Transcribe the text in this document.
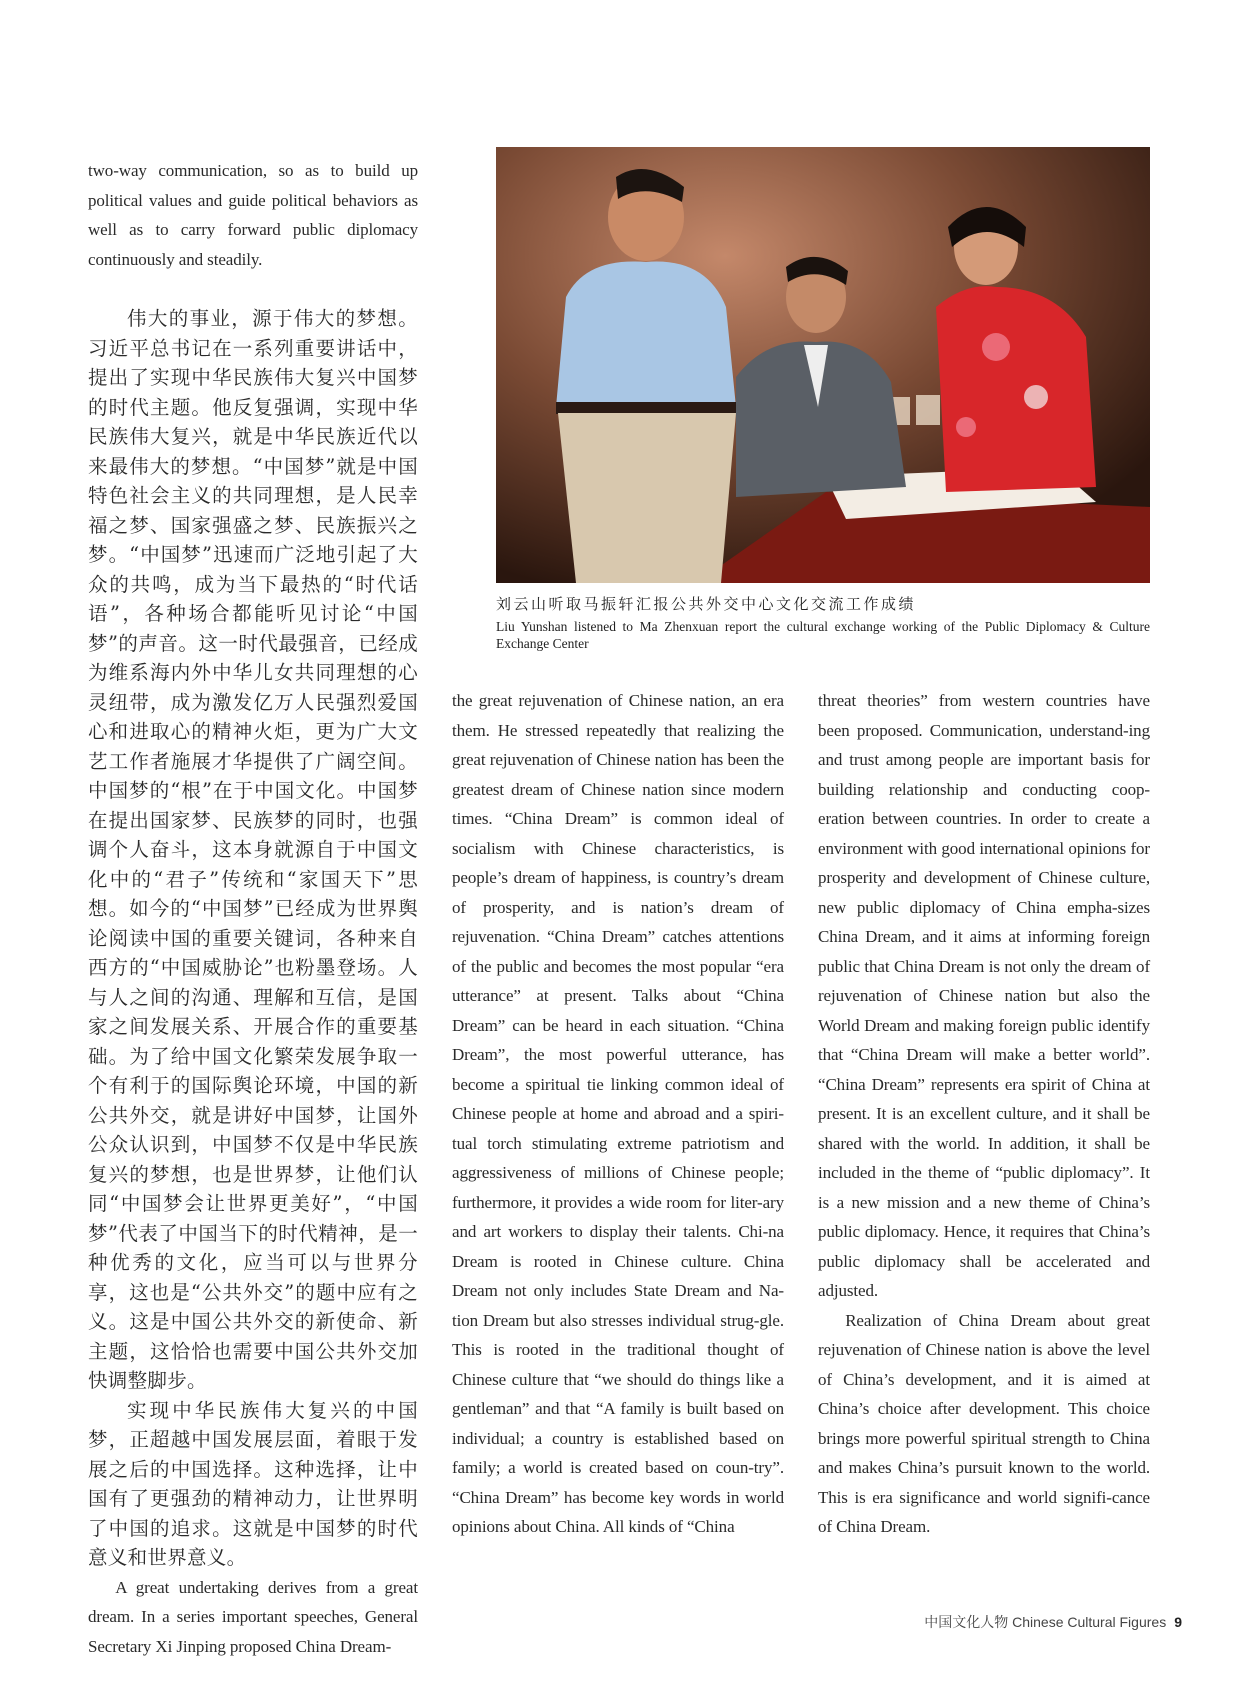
two-way communication, so as to build up political values and guide political behaviors as well as to carry forward public diplomacy continuously and steadily.

伟大的事业，源于伟大的梦想。习近平总书记在一系列重要讲话中，提出了实现中华民族伟大复兴中国梦的时代主题。他反复强调，实现中华民族伟大复兴，就是中华民族近代以来最伟大的梦想。“中国梦”就是中国特色社会主义的共同理想，是人民幸福之梦、国家强盛之梦、民族振兴之梦。“中国梦”迅速而广泛地引起了大众的共鸣，成为当下最热的“时代话语”，各种场合都能听见讨论“中国梦”的声音。这一时代最强音，已经成为维系海内外中华儿女共同理想的心灵纽带，成为激发亿万人民强烈爱国心和进取心的精神火炬，更为广大文艺工作者施展才华提供了广阔空间。中国梦的“根”在于中国文化。中国梦在提出国家梦、民族梦的同时，也强调个人奋斗，这本身就源自于中国文化中的“君子”传统和“家国天下”思想。如今的“中国梦”已经成为世界舆论阅读中国的重要关键词，各种来自西方的“中国威胁论”也粉墨登场。人与人之间的沟通、理解和互信，是国家之间发展关系、开展合作的重要基础。为了给中国文化繁荣发展争取一个有利于的国际舆论环境，中国的新公共外交，就是讲好中国梦，让国外公众认识到，中国梦不仅是中华民族复兴的梦想，也是世界梦，让他们认同“中国梦会让世界更美好”，“中国梦”代表了中国当下的时代精神，是一种优秀的文化，应当可以与世界分享，这也是“公共外交”的题中应有之义。这是中国公共外交的新使命、新主题，这恰恰也需要中国公共外交加快调整脚步。

实现中华民族伟大复兴的中国梦，正超越中国发展层面，着眼于发展之后的中国选择。这种选择，让中国有了更强劲的精神动力，让世界明了中国的追求。这就是中国梦的时代意义和世界意义。

A great undertaking derives from a great dream. In a series important speeches, General Secretary Xi Jinping proposed China Dream-

刘云山听取马振轩汇报公共外交中心文化交流工作成绩
Liu Yunshan listened to Ma Zhenxuan report the cultural exchange working of the Public Diplomacy & Culture Exchange Center

the great rejuvenation of Chinese nation, an era them. He stressed repeatedly that realizing the great rejuvenation of Chinese nation has been the greatest dream of Chinese nation since modern times. “China Dream” is common ideal of socialism with Chinese characteristics, is people’s dream of happiness, is country’s dream of prosperity, and is nation’s dream of rejuvenation. “China Dream” catches attentions of the public and becomes the most popular “era utterance” at present. Talks about “China Dream” can be heard in each situation. “China Dream”, the most powerful utterance, has become a spiritual tie linking common ideal of Chinese people at home and abroad and a spiri-tual torch stimulating extreme patriotism and aggressiveness of millions of Chinese people; furthermore, it provides a wide room for liter-ary and art workers to display their talents. Chi-na Dream is rooted in Chinese culture. China Dream not only includes State Dream and Na-tion Dream but also stresses individual strug-gle. This is rooted in the traditional thought of Chinese culture that “we should do things like a gentleman” and that “A family is built based on individual; a country is established based on family; a world is created based on coun-try”. “China Dream” has become key words in world opinions about China. All kinds of “China

threat theories” from western countries have been proposed. Communication, understand-ing and trust among people are important basis for building relationship and conducting coop-eration between countries. In order to create a environment with good international opinions for prosperity and development of Chinese culture, new public diplomacy of China empha-sizes China Dream, and it aims at informing foreign public that China Dream is not only the dream of rejuvenation of Chinese nation but also the World Dream and making foreign public identify that “China Dream will make a better world”. “China Dream” represents era spirit of China at present. It is an excellent culture, and it shall be shared with the world. In addition, it shall be included in the theme of “public diplomacy”. It is a new mission and a new theme of China’s public diplomacy. Hence, it requires that China’s public diplomacy shall be accelerated and adjusted.

Realization of China Dream about great rejuvenation of Chinese nation is above the level of China’s development, and it is aimed at China’s choice after development. This choice brings more powerful spiritual strength to China and makes China’s pursuit known to the world. This is era significance and world signifi-cance of China Dream.

中国文化人物 Chinese Cultural Figures 9
